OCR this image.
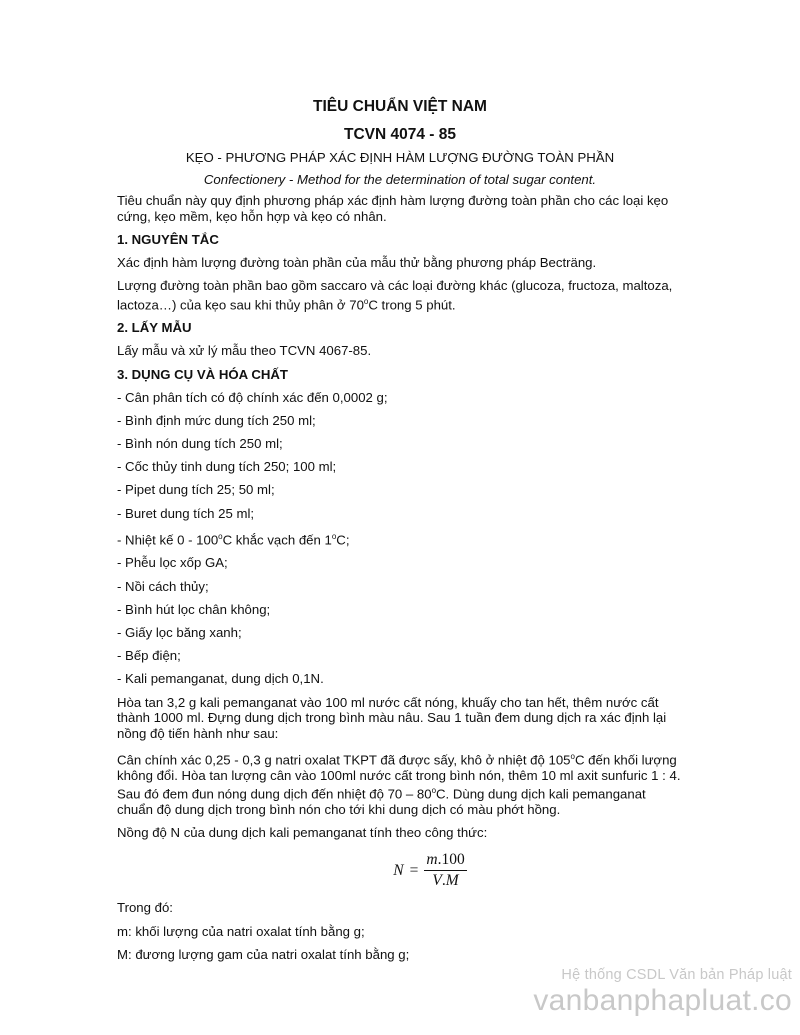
TIÊU CHUẨN VIỆT NAM
TCVN 4074 - 85
KẸO - PHƯƠNG PHÁP XÁC ĐỊNH HÀM LƯỢNG ĐƯỜNG TOÀN PHẦN
Confectionery - Method for the determination of total sugar content.

Tiêu chuẩn này quy định phương pháp xác định hàm lượng đường toàn phần cho các loại kẹo cứng, kẹo mềm, kẹo hỗn hợp và kẹo có nhân.

1. NGUYÊN TẮC

Xác định hàm lượng đường toàn phần của mẫu thử bằng phương pháp Becträng.

Lượng đường toàn phần bao gồm saccaro và các loại đường khác (glucoza, fructoza, maltoza, lactoza…) của kẹo sau khi thủy phân ở 70$^o$C trong 5 phút.

2. LẤY MẪU

Lấy mẫu và xử lý mẫu theo TCVN 4067-85.

3. DỤNG CỤ VÀ HÓA CHẤT

- Cân phân tích có độ chính xác đến 0,0002 g;

- Bình định mức dung tích 250 ml;

- Bình nón dung tích 250 ml;

- Cốc thủy tinh dung tích 250; 100 ml;

- Pipet dung tích 25; 50 ml;

- Buret dung tích 25 ml;

- Nhiệt kế 0 - 100$^o$C khắc vạch đến 1$^o$C;

- Phễu lọc xốp GA;

- Nồi cách thủy;

- Bình hút lọc chân không;

- Giấy lọc băng xanh;

- Bếp điện;

- Kali pemanganat, dung dịch 0,1N.

Hòa tan 3,2 g kali pemanganat vào 100 ml nước cất nóng, khuấy cho tan hết, thêm nước cất thành 1000 ml. Đựng dung dịch trong bình màu nâu. Sau 1 tuần đem dung dịch ra xác định lại nồng độ tiến hành như sau:

Cân chính xác 0,25 - 0,3 g natri oxalat TKPT đã được sấy, khô ở nhiệt độ 105$^o$C đến khối lượng không đổi. Hòa tan lượng cân vào 100ml nước cất trong bình nón, thêm 10 ml axit sunfuric 1 : 4. Sau đó đem đun nóng dung dịch đến nhiệt độ 70 – 80$^o$C. Dùng dung dịch kali pemanganat chuẩn độ dung dịch trong bình nón cho tới khi dung dịch có màu phớt hồng.

Nồng độ N của dung dịch kali pemanganat tính theo công thức:

$N = \frac{m.100}{V.M}$

Trong đó:

m: khối lượng của natri oxalat tính bằng g;

M: đương lượng gam của natri oxalat tính bằng g;

Hệ thống CSDL Văn bản Pháp luật
vanbanphapluat.co
